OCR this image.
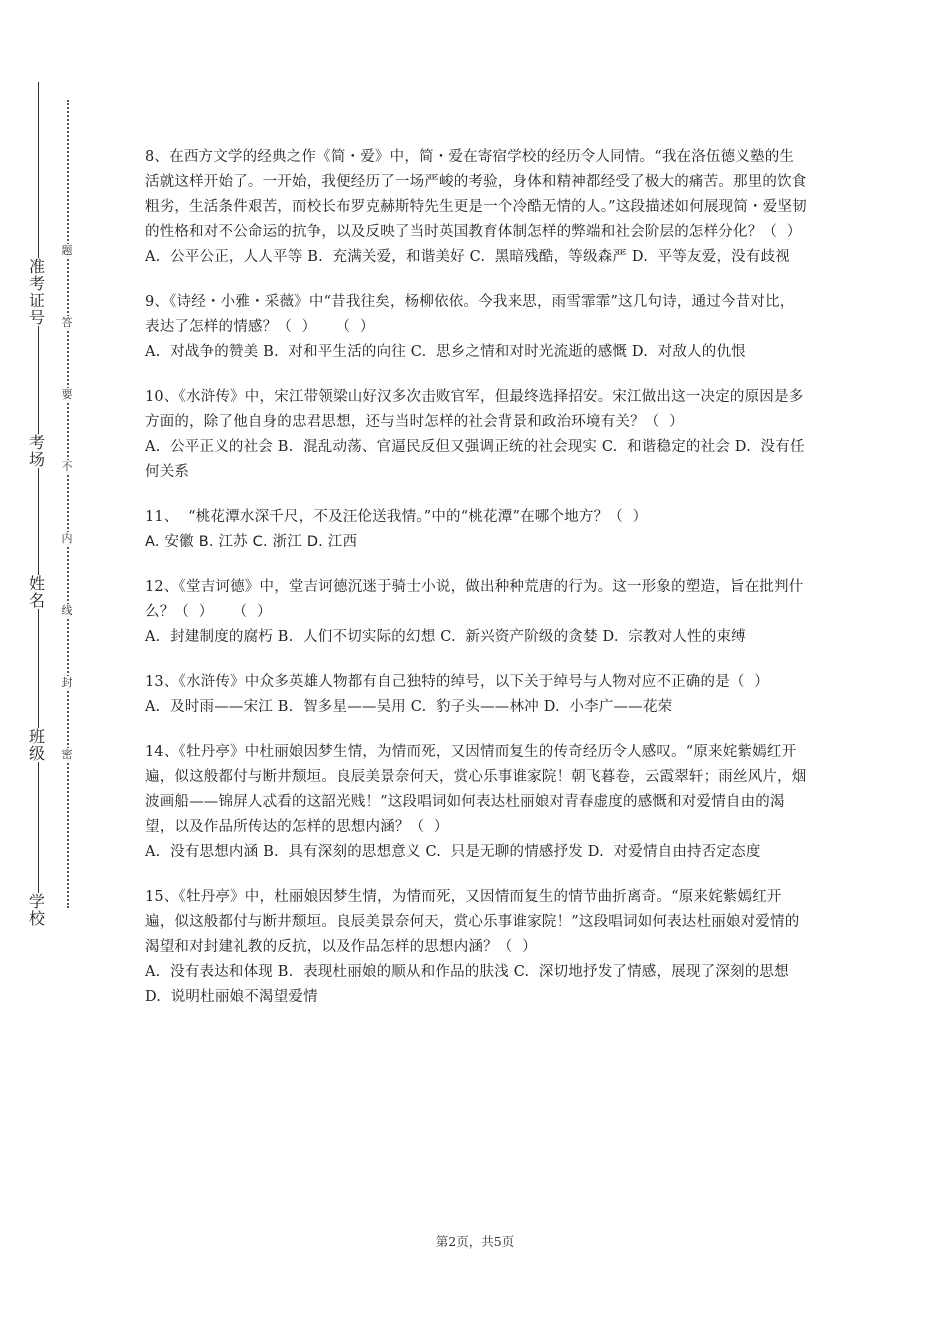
准
考
证
号
考
场
姓
名
班
级
学
校
题
答
要
不
内
线
封
密

8、在西方文学的经典之作《简・爱》中，简・爱在寄宿学校的经历令人同情。“我在洛伍德义塾的生活就这样开始了。一开始，我便经历了一场严峻的考验，身体和精神都经受了极大的痛苦。那里的饮食粗劣，生活条件艰苦，而校长布罗克赫斯特先生更是一个冷酷无情的人。”这段描述如何展现简・爱坚韧的性格和对不公命运的抗争，以及反映了当时英国教育体制怎样的弊端和社会阶层的怎样分化？（  ）

A.  公平公正，人人平等 B.  充满关爱，和谐美好 C.  黑暗残酷，等级森严 D.  平等友爱，没有歧视

9、《诗经・小雅・采薇》中“昔我往矣，杨柳依依。今我来思，雨雪霏霏”这几句诗，通过今昔对比，表达了怎样的情感？（  ）    （  ）

A.  对战争的赞美 B.  对和平生活的向往 C.  思乡之情和对时光流逝的感慨 D.  对敌人的仇恨

10、《水浒传》中，宋江带领梁山好汉多次击败官军，但最终选择招安。宋江做出这一决定的原因是多方面的，除了他自身的忠君思想，还与当时怎样的社会背景和政治环境有关？（  ）

A.  公平正义的社会 B.  混乱动荡、官逼民反但又强调正统的社会现实 C.  和谐稳定的社会 D.  没有任何关系

11、  “桃花潭水深千尺，不及汪伦送我情。”中的“桃花潭”在哪个地方？（  ）

A. 安徽 B. 江苏 C. 浙江 D. 江西

12、《堂吉诃德》中，堂吉诃德沉迷于骑士小说，做出种种荒唐的行为。这一形象的塑造，旨在批判什么？（  ）    （  ）

A.  封建制度的腐朽 B.  人们不切实际的幻想 C.  新兴资产阶级的贪婪 D.  宗教对人性的束缚

13、《水浒传》中众多英雄人物都有自己独特的绰号，以下关于绰号与人物对应不正确的是（  ）

A.  及时雨——宋江 B.  智多星——吴用 C.  豹子头——林冲 D.  小李广——花荣

14、《牡丹亭》中杜丽娘因梦生情，为情而死，又因情而复生的传奇经历令人感叹。“原来姹紫嫣红开遍，似这般都付与断井颓垣。良辰美景奈何天，赏心乐事谁家院！朝飞暮卷，云霞翠轩；雨丝风片，烟波画船——锦屏人忒看的这韶光贱！”这段唱词如何表达杜丽娘对青春虚度的感慨和对爱情自由的渴望，以及作品所传达的怎样的思想内涵？（  ）

A.  没有思想内涵 B.  具有深刻的思想意义 C.  只是无聊的情感抒发 D.  对爱情自由持否定态度

15、《牡丹亭》中，杜丽娘因梦生情，为情而死，又因情而复生的情节曲折离奇。“原来姹紫嫣红开遍，似这般都付与断井颓垣。良辰美景奈何天，赏心乐事谁家院！”这段唱词如何表达杜丽娘对爱情的渴望和对封建礼教的反抗，以及作品怎样的思想内涵？（  ）

A.  没有表达和体现 B.  表现杜丽娘的顺从和作品的肤浅 C.  深切地抒发了情感，展现了深刻的思想 D.  说明杜丽娘不渴望爱情

第2页，共5页
